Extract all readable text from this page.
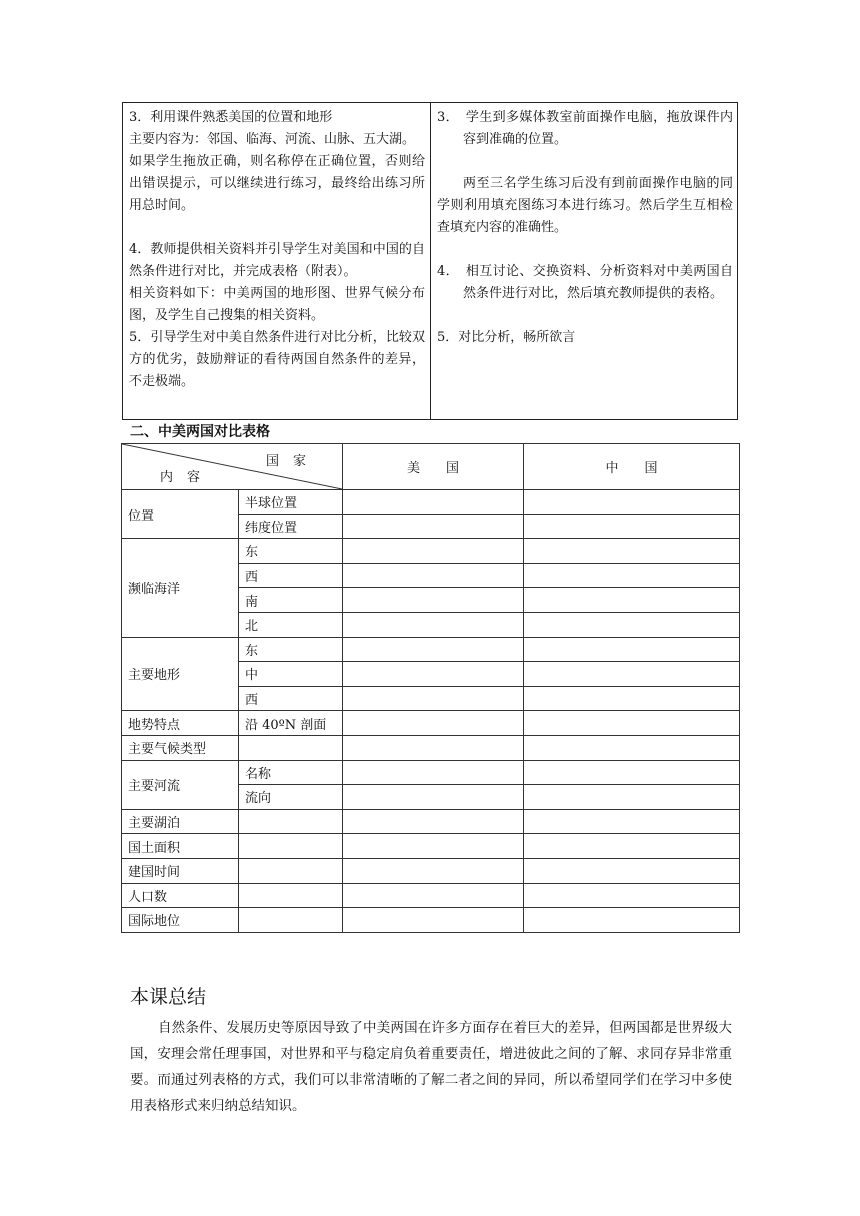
3．利用课件熟悉美国的位置和地形

主要内容为：邻国、临海、河流、山脉、五大湖。

如果学生拖放正确，则名称停在正确位置，否则给出错误提示，可以继续进行练习，最终给出练习所用总时间。

4．教师提供相关资料并引导学生对美国和中国的自然条件进行对比，并完成表格（附表）。

相关资料如下：中美两国的地形图、世界气候分布图，及学生自己搜集的相关资料。

5．引导学生对中美自然条件进行对比分析，比较双方的优劣，鼓励辩证的看待两国自然条件的差异，不走极端。

3．　学生到多媒体教室前面操作电脑，拖放课件内容到准确的位置。

两至三名学生练习后没有到前面操作电脑的同学则利用填充图练习本进行练习。然后学生互相检查填充内容的准确性。

4．　相互讨论、交换资料、分析资料对中美两国自然条件进行对比，然后填充教师提供的表格。

5．对比分析，畅所欲言

二、中美两国对比表格
国家
内容		美　　国	中　　国
位置	半球位置		
	纬度位置		
濒临海洋	东		
	西		
	南		
	北		
主要地形	东		
	中		
	西		
地势特点	沿 40ºN 剖面		
主要气候类型			
主要河流	名称		
	流向		
主要湖泊			
国土面积			
建国时间			
人口数			
国际地位			
本课总结
自然条件、发展历史等原因导致了中美两国在许多方面存在着巨大的差异，但两国都是世界级大国，安理会常任理事国，对世界和平与稳定肩负着重要责任，增进彼此之间的了解、求同存异非常重要。而通过列表格的方式，我们可以非常清晰的了解二者之间的异同，所以希望同学们在学习中多使用表格形式来归纳总结知识。
